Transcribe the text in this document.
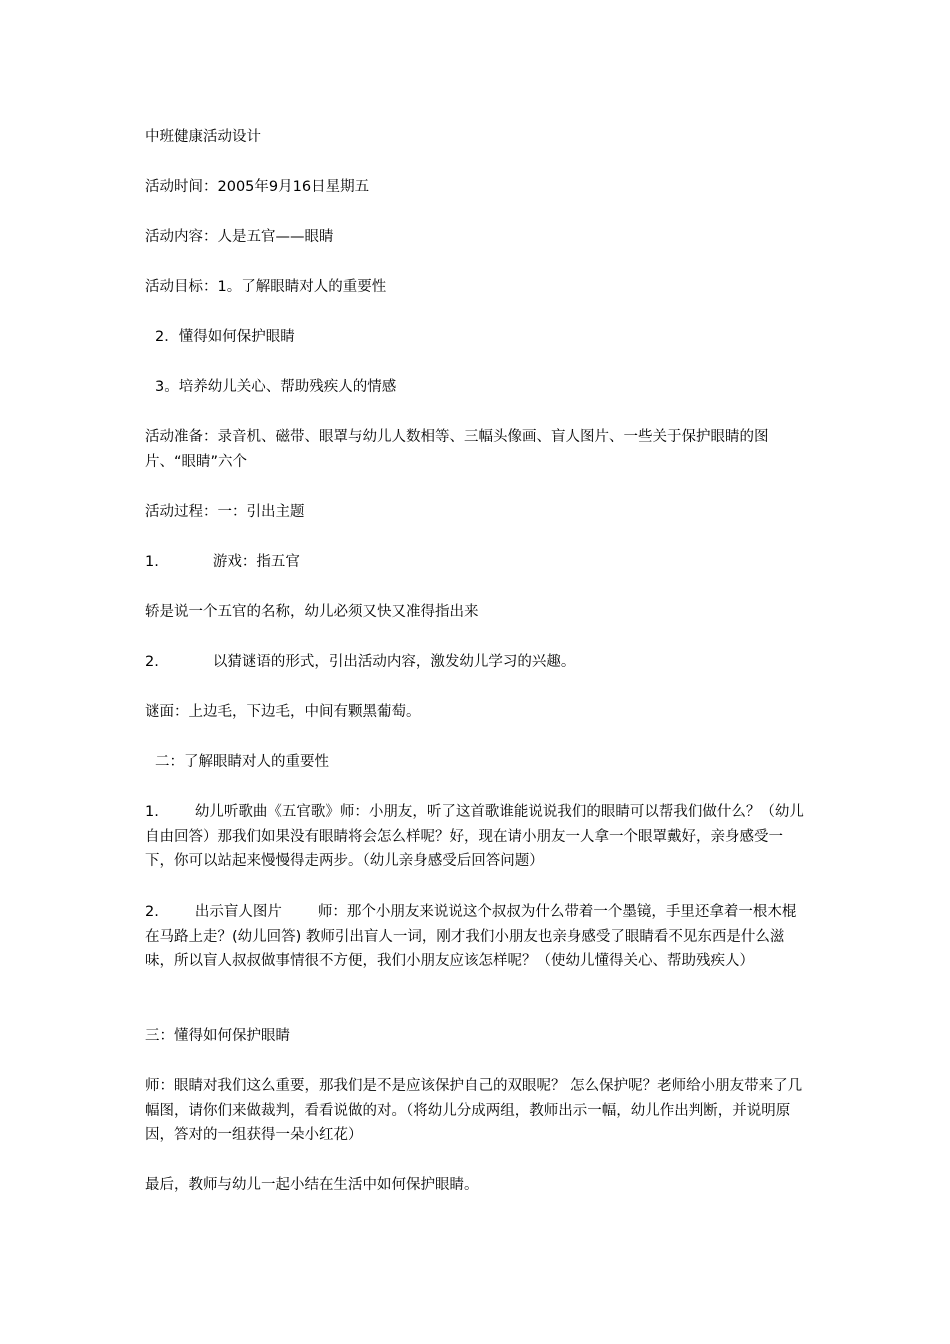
中班健康活动设计
活动时间：2005年9月16日星期五
活动内容：人是五官——眼睛
活动目标：1。了解眼睛对人的重要性
2．懂得如何保护眼睛
3。培养幼儿关心、帮助残疾人的情感
活动准备：录音机、磁带、眼罩与幼儿人数相等、三幅头像画、盲人图片、一些关于保护眼睛的图片、“眼睛”六个
活动过程：一：引出主题
1.	游戏：指五官
轿是说一个五官的名称，幼儿必须又快又准得指出来
2.	以猜谜语的形式，引出活动内容，激发幼儿学习的兴趣。
谜面：上边毛，下边毛，中间有颗黑葡萄。
二：了解眼睛对人的重要性
1. 幼儿听歌曲《五官歌》师：小朋友，听了这首歌谁能说说我们的眼睛可以帮我们做什么？（幼儿自由回答）那我们如果没有眼睛将会怎么样呢？好，现在请小朋友一人拿一个眼罩戴好，亲身感受一下，你可以站起来慢慢得走两步。（幼儿亲身感受后回答问题）
2. 出示盲人图片 师：那个小朋友来说说这个叔叔为什么带着一个墨镜，手里还拿着一根木棍在马路上走？(幼儿回答) 教师引出盲人一词，刚才我们小朋友也亲身感受了眼睛看不见东西是什么滋味，所以盲人叔叔做事情很不方便，我们小朋友应该怎样呢？（使幼儿懂得关心、帮助残疾人）
三：懂得如何保护眼睛
师：眼睛对我们这么重要，那我们是不是应该保护自己的双眼呢？ 怎么保护呢？老师给小朋友带来了几幅图，请你们来做裁判，看看说做的对。（将幼儿分成两组，教师出示一幅，幼儿作出判断，并说明原因，答对的一组获得一朵小红花）
最后，教师与幼儿一起小结在生活中如何保护眼睛。
